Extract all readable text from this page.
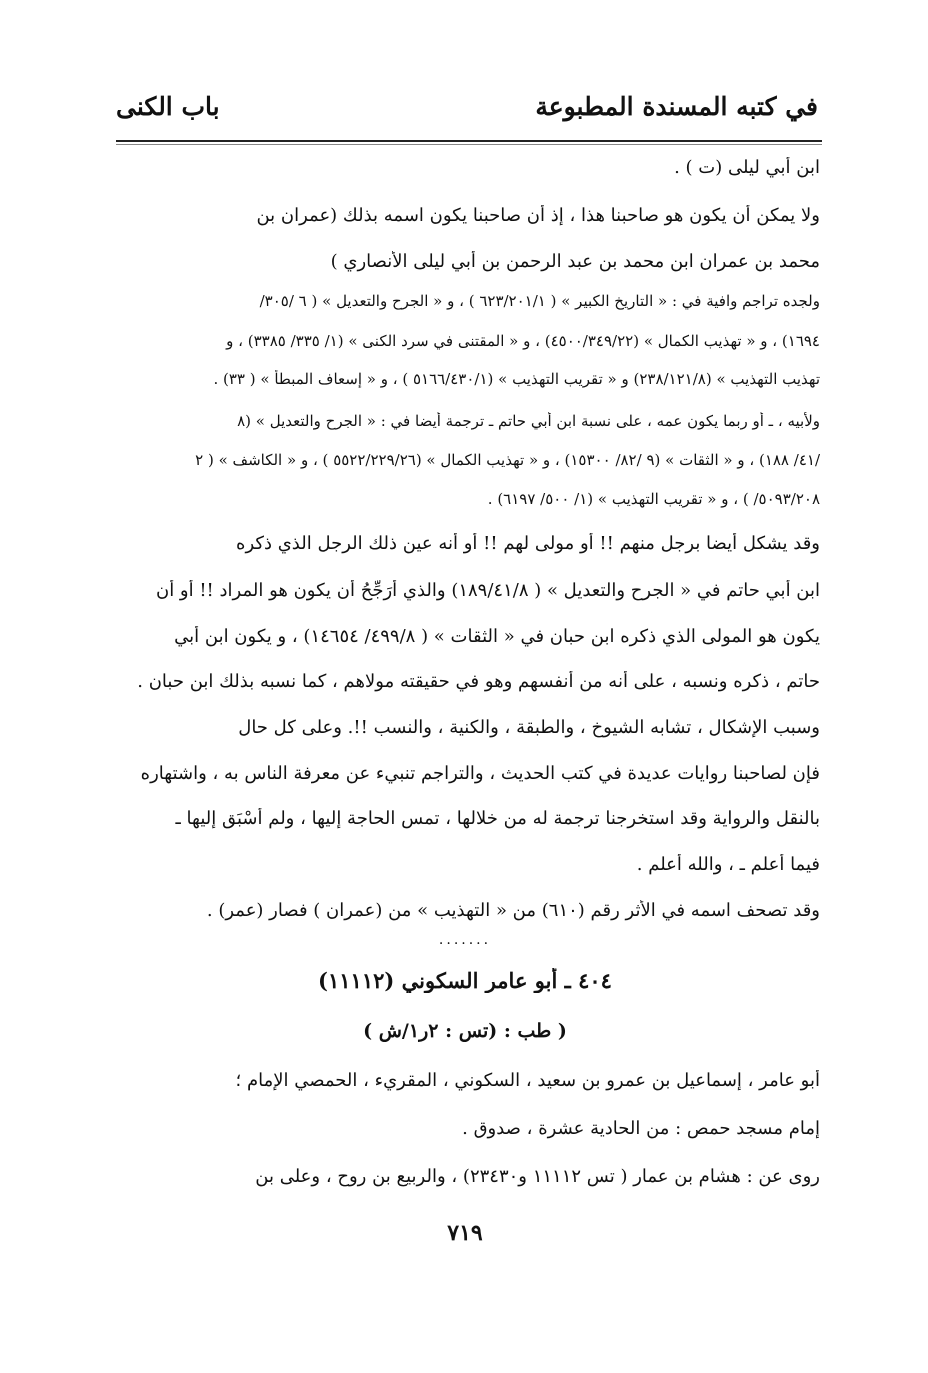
في كتبه المسندة المطبوعة

باب الكنى

ابن أبي ليلى (ت ) .

ولا يمكن أن يكون هو صاحبنا هذا ، إذ أن صاحبنا يكون اسمه بذلك (عمران بن

محمد بن عمران ابن محمد بن عبد الرحمن بن أبي ليلى الأنصاري )

ولجده تراجم وافية في : « التاريخ الكبير » ( ٦٢٣/٢٠١/١ ) ، و « الجرح والتعديل » ( ٦ /٣٠٥/

١٦٩٤) ، و « تهذيب الكمال » (٤٥٠٠/٣٤٩/٢٢) ، و « المقتنى في سرد الكنى » (١/ ٣٣٥/ ٣٣٨٥) ، و

تهذيب التهذيب » (٢٣٨/١٢١/٨) و « تقريب التهذيب » (٥١٦٦/٤٣٠/١ ) ، و « إسعاف المبطأ » ( ٣٣) .

ولأبيه ، ـ أو ربما يكون عمه ، على نسبة ابن أبي حاتم ـ ترجمة أيضا في : « الجرح والتعديل » (٨

/٤١/ ١٨٨) ، و « الثقات » (٩ /٨٢/ ١٥٣٠٠) ، و « تهذيب الكمال » (٥٥٢٢/٢٢٩/٢٦ ) ، و « الكاشف » ( ٢

٥٠٩٣/٢٠٨/ ) ، و « تقريب التهذيب » (١/ ٥٠٠/ ٦١٩٧) .

وقد يشكل أيضا برجل منهم !! أو مولى لهم !! أو أنه عين ذلك الرجل الذي ذكره

ابن أبي حاتم في « الجرح والتعديل » ( ١٨٩/٤١/٨) والذي أُرَجِّحُ أن يكون هو المراد !! أو أن

يكون هو المولى الذي ذكره ابن حبان في « الثقات » ( ٤٩٩/٨/ ١٤٦٥٤) ، و يكون ابن أبي

حاتم ، ذكره ونسبه ، على أنه من أنفسهم وهو في حقيقته مولاهم ، كما نسبه بذلك ابن حبان .

وسبب الإشكال ، تشابه الشيوخ ، والطبقة ، والكنية ، والنسب !!. وعلى كل حال

فإن لصاحبنا روايات عديدة في كتب الحديث ، والتراجم تنبيء عن معرفة الناس به ، واشتهاره

بالنقل والرواية وقد استخرجنا ترجمة له من خلالها ، تمس الحاجة إليها ، ولم أُسْبَق إليها ـ

فيما أعلم ـ ، والله أعلم .

وقد تصحف اسمه في الأثر رقم (٦١٠) من « التهذيب » من (عمران ) فصار (عمر) .

.......

٤٠٤ ـ أبو عامر السكوني (١١١١٢)

( طب : (تس : ٢ر١/ش )

أبو عامر ، إسماعيل بن عمرو بن سعيد ، السكوني ، المقريء ، الحمصي الإمام ؛

إمام مسجد حمص : من الحادية عشرة ، صدوق .

روى عن : هشام بن عمار ( تس ١١١١٢ و٢٣٤٣٠) ، والربيع بن روح ، وعلى بن

٧١٩
